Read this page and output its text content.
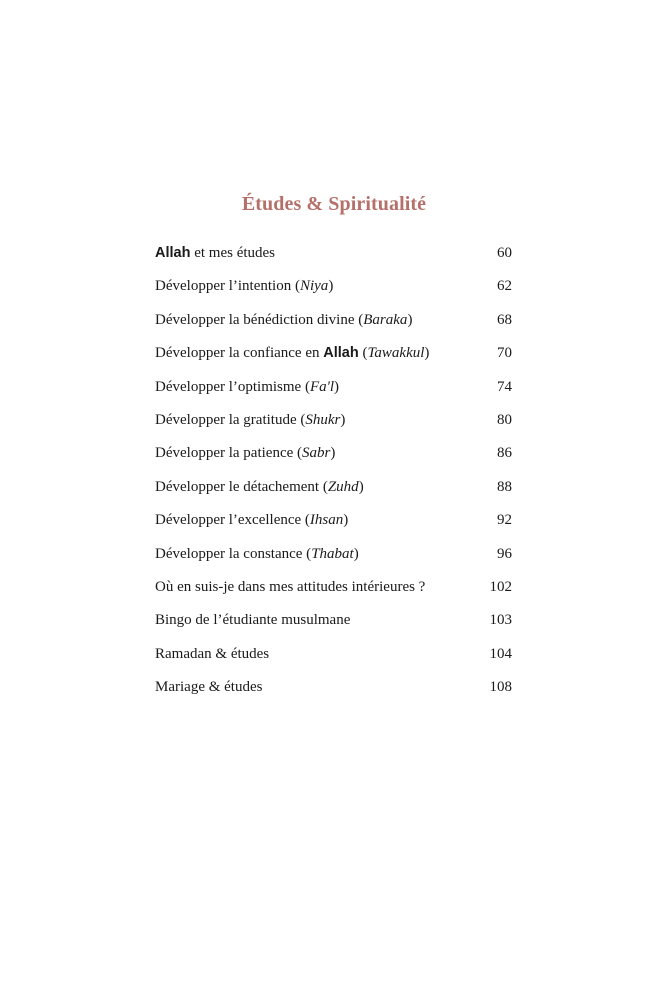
Études & Spiritualité
Allah et mes études	60
Développer l’intention (Niya)	62
Développer la bénédiction divine (Baraka)	68
Développer la confiance en Allah (Tawakkul)	70
Développer l’optimisme (Fa'l)	74
Développer la gratitude (Shukr)	80
Développer la patience (Sabr)	86
Développer le détachement (Zuhd)	88
Développer l’excellence (Ihsan)	92
Développer la constance (Thabat)	96
Où en suis-je dans mes attitudes intérieures ?	102
Bingo de l’étudiante musulmane	103
Ramadan & études	104
Mariage & études	108
